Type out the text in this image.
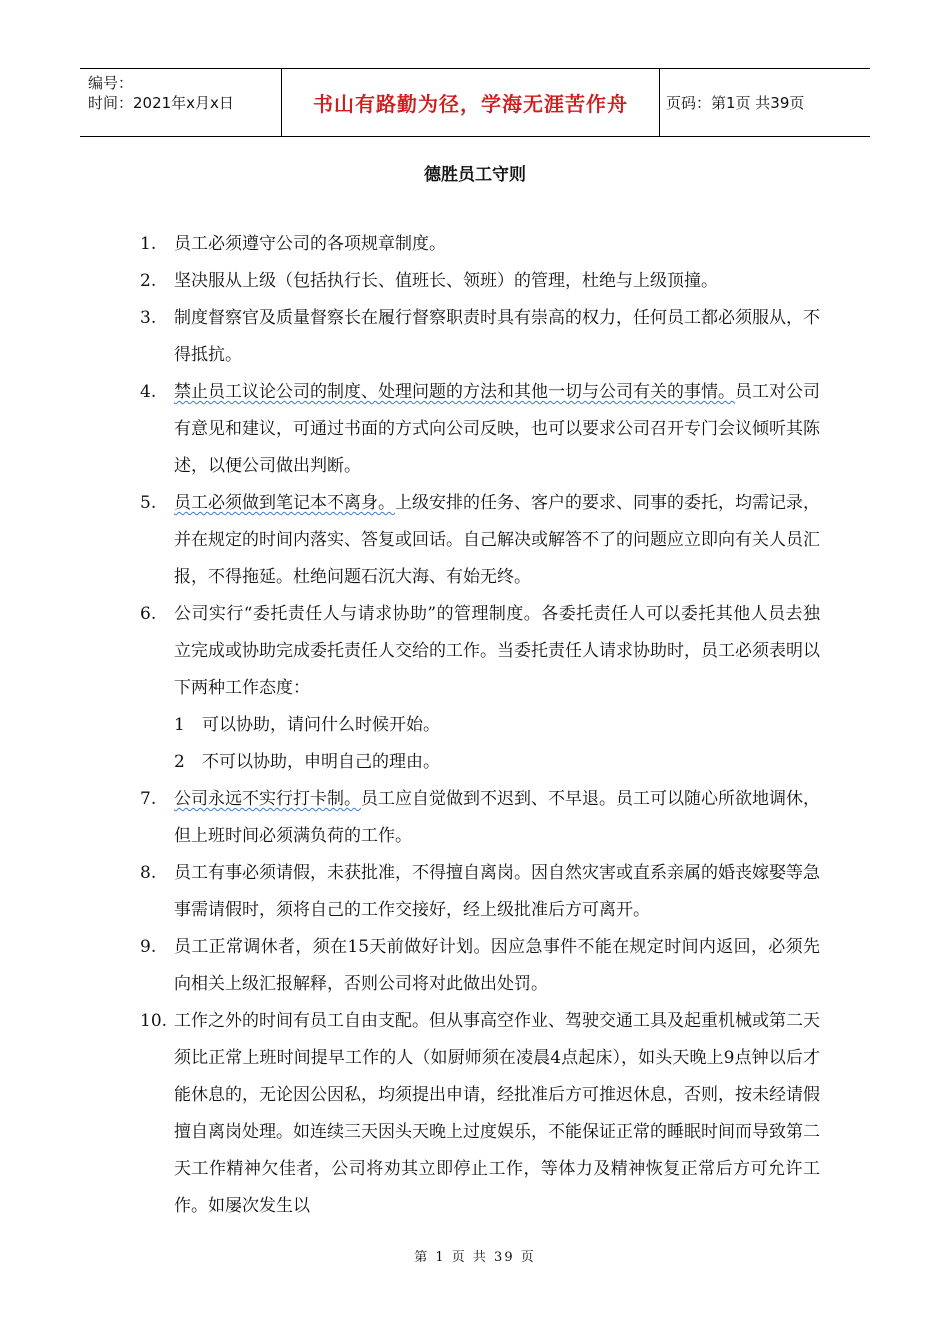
编号：
时间：2021年x月x日	书山有路勤为径，学海无涯苦作舟	页码：第1页 共39页
德胜员工守则
1. 员工必须遵守公司的各项规章制度。
2. 坚决服从上级（包括执行长、值班长、领班）的管理，杜绝与上级顶撞。
3. 制度督察官及质量督察长在履行督察职责时具有崇高的权力，任何员工都必须服从，不得抵抗。
4. 禁止员工议论公司的制度、处理问题的方法和其他一切与公司有关的事情。员工对公司有意见和建议，可通过书面的方式向公司反映，也可以要求公司召开专门会议倾听其陈述，以便公司做出判断。
5. 员工必须做到笔记本不离身。上级安排的任务、客户的要求、同事的委托，均需记录，并在规定的时间内落实、答复或回话。自己解决或解答不了的问题应立即向有关人员汇报，不得拖延。杜绝问题石沉大海、有始无终。
6. 公司实行“委托责任人与请求协助”的管理制度。各委托责任人可以委托其他人员去独立完成或协助完成委托责任人交给的工作。当委托责任人请求协助时，员工必须表明以下两种工作态度：
1 可以协助，请问什么时候开始。
2 不可以协助，申明自己的理由。
7. 公司永远不实行打卡制。员工应自觉做到不迟到、不早退。员工可以随心所欲地调休，但上班时间必须满负荷的工作。
8. 员工有事必须请假，未获批准，不得擅自离岗。因自然灾害或直系亲属的婚丧嫁娶等急事需请假时，须将自己的工作交接好，经上级批准后方可离开。
9. 员工正常调休者，须在15天前做好计划。因应急事件不能在规定时间内返回，必须先向相关上级汇报解释，否则公司将对此做出处罚。
10. 工作之外的时间有员工自由支配。但从事高空作业、驾驶交通工具及起重机械或第二天须比正常上班时间提早工作的人（如厨师须在凌晨4点起床），如头天晚上9点钟以后才能休息的，无论因公因私，均须提出申请，经批准后方可推迟休息，否则，按未经请假擅自离岗处理。如连续三天因头天晚上过度娱乐，不能保证正常的睡眠时间而导致第二天工作精神欠佳者，公司将劝其立即停止工作，等体力及精神恢复正常后方可允许工作。如屡次发生以
第 1 页 共 39 页
